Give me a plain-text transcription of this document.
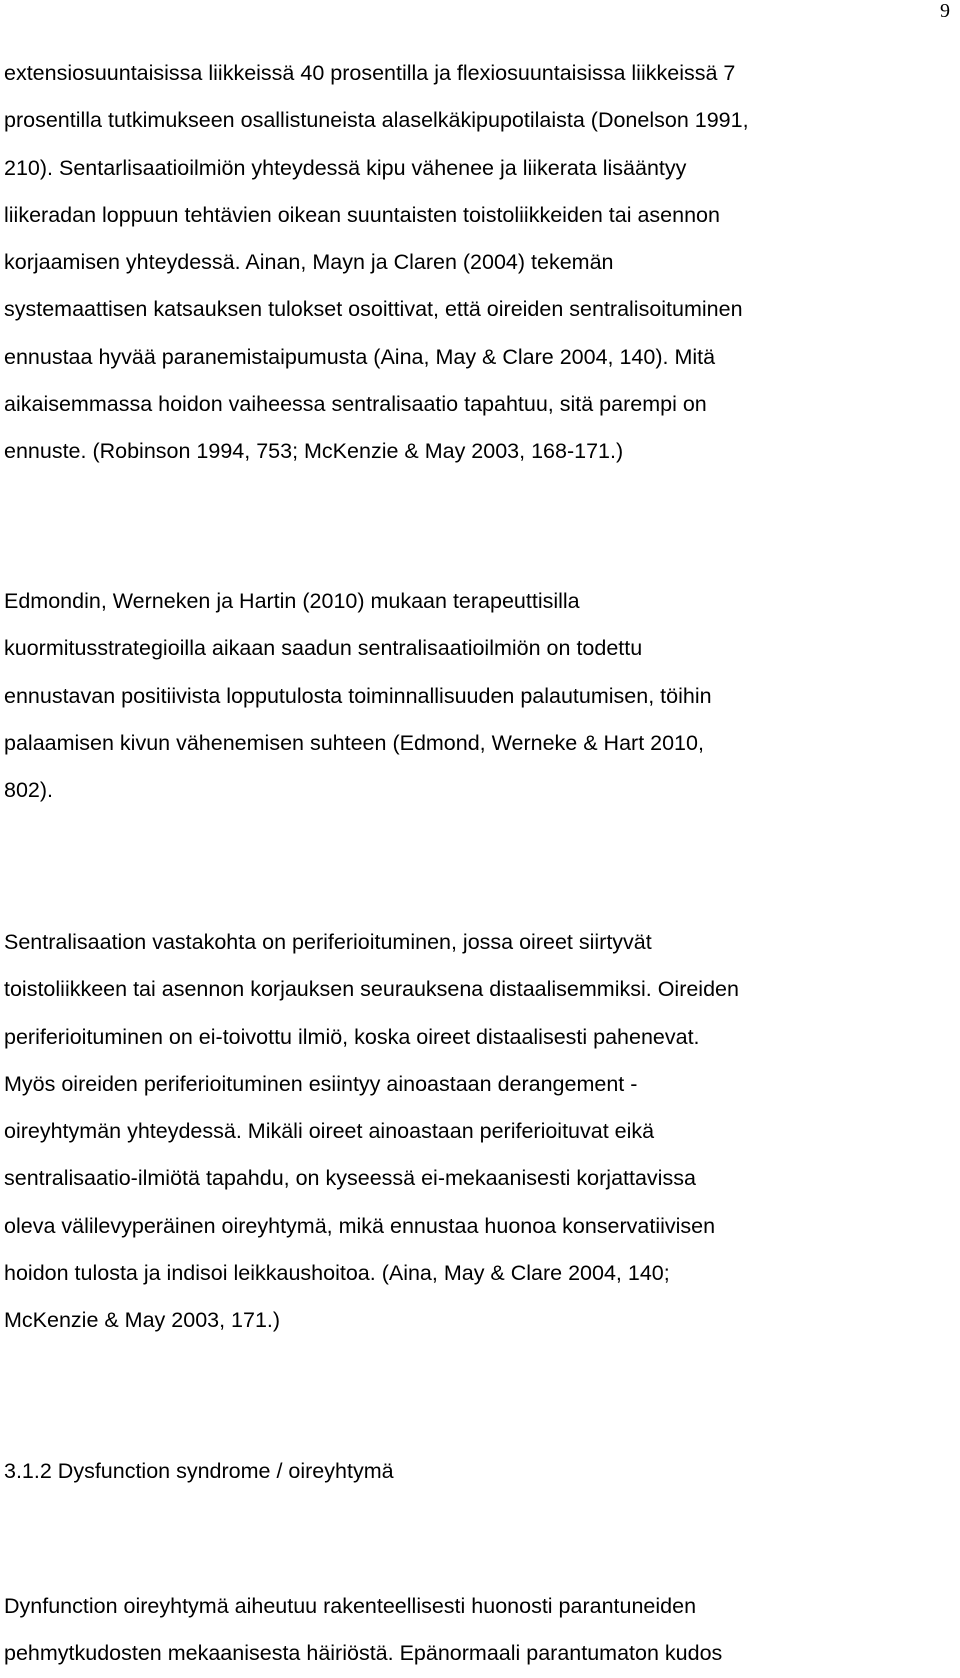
9

extensiosuuntaisissa liikkeissä 40 prosentilla ja flexiosuuntaisissa liikkeissä 7
prosentilla tutkimukseen osallistuneista alaselkäkipupotilaista (Donelson 1991,
210). Sentarlisaatioilmiön yhteydessä kipu vähenee ja liikerata lisääntyy
liikeradan loppuun tehtävien oikean suuntaisten toistoliikkeiden tai asennon
korjaamisen yhteydessä. Ainan, Mayn ja Claren (2004) tekemän
systemaattisen katsauksen tulokset osoittivat, että oireiden sentralisoituminen
ennustaa hyvää paranemistaipumusta (Aina, May & Clare 2004, 140). Mitä
aikaisemmassa hoidon vaiheessa sentralisaatio tapahtuu, sitä parempi on
ennuste. (Robinson 1994, 753; McKenzie & May 2003, 168-171.)

Edmondin, Werneken ja Hartin (2010) mukaan terapeuttisilla
kuormitusstrategioilla aikaan saadun sentralisaatioilmiön on todettu
ennustavan positiivista lopputulosta toiminnallisuuden palautumisen, töihin
palaamisen kivun vähenemisen suhteen (Edmond, Werneke & Hart 2010,
802).

Sentralisaation vastakohta on periferioituminen, jossa oireet siirtyvät
toistoliikkeen tai asennon korjauksen seurauksena distaalisemmiksi. Oireiden
periferioituminen on ei-toivottu ilmiö, koska oireet distaalisesti pahenevat.
Myös oireiden periferioituminen esiintyy ainoastaan derangement -
oireyhtymän yhteydessä. Mikäli oireet ainoastaan periferioituvat eikä
sentralisaatio-ilmiötä tapahdu, on kyseessä ei-mekaanisesti korjattavissa
oleva välilevyperäinen oireyhtymä, mikä ennustaa huonoa konservatiivisen
hoidon tulosta ja indisoi leikkaushoitoa. (Aina, May & Clare 2004, 140;
McKenzie & May 2003, 171.)

3.1.2 Dysfunction syndrome / oireyhtymä

Dynfunction oireyhtymä aiheutuu rakenteellisesti huonosti parantuneiden
pehmytkudosten mekaanisesta häiriöstä. Epänormaali parantumaton kudos
